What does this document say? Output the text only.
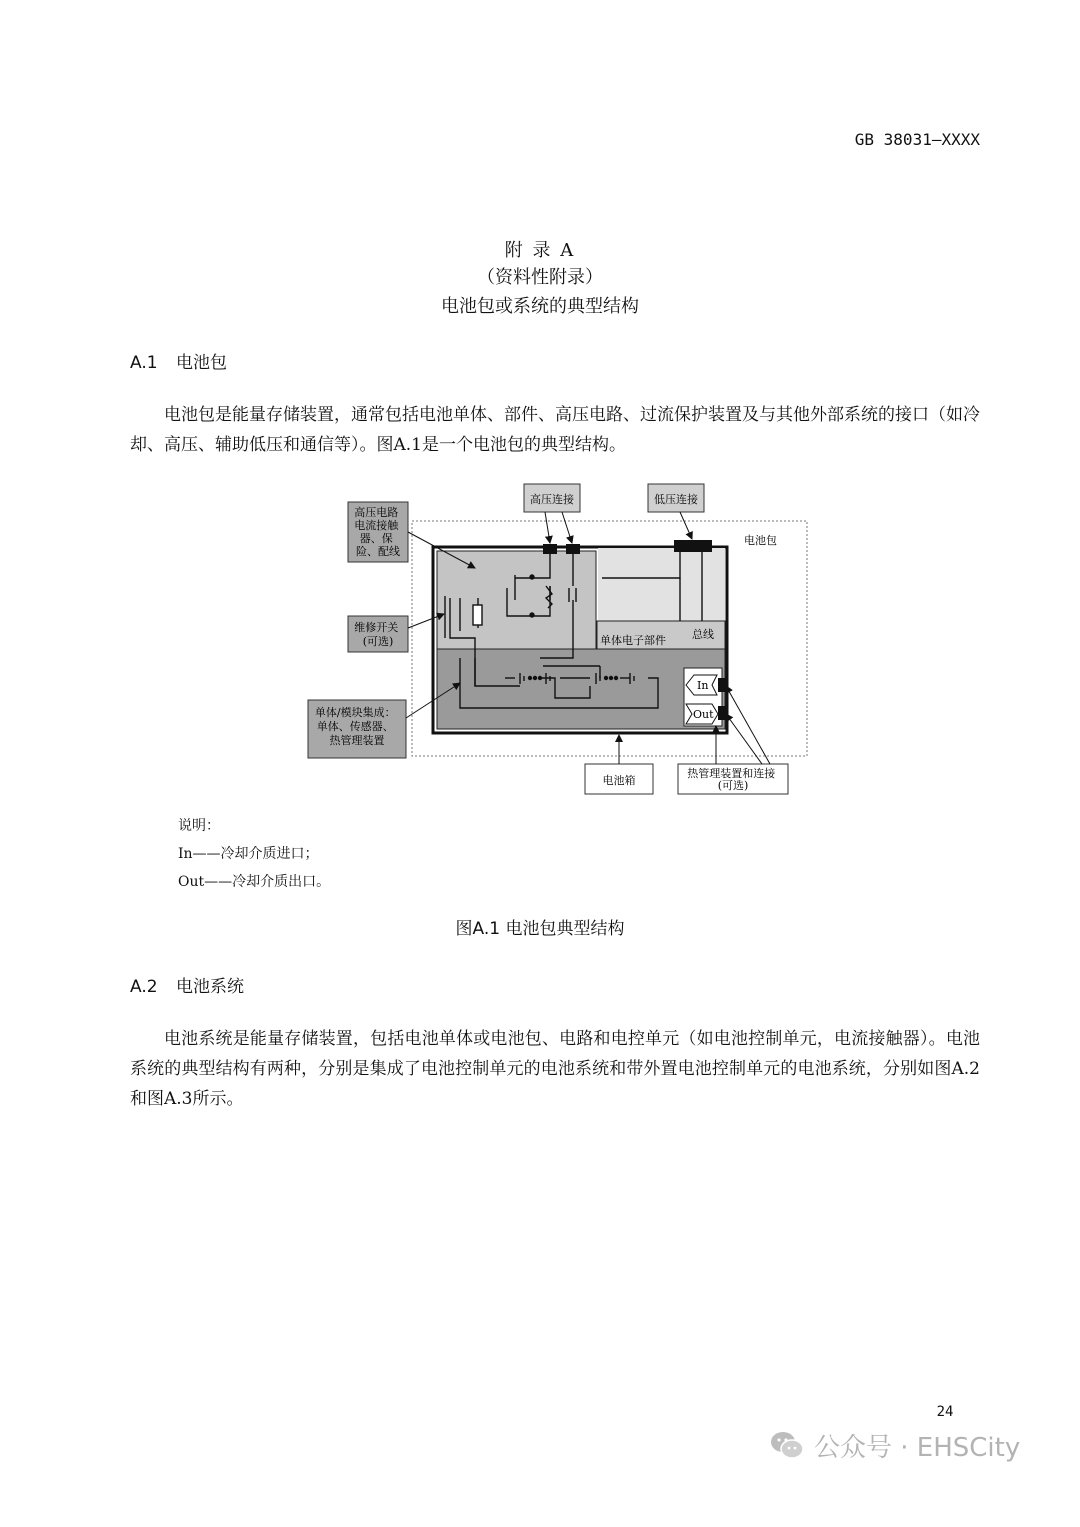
GB 38031—XXXX
附 录 A
（资料性附录）
电池包或系统的典型结构
A.1 电池包
电池包是能量存储装置，通常包括电池单体、部件、高压电路、过流保护装置及与其他外部系统的接口（如冷却、高压、辅助低压和通信等）。图A.1是一个电池包的典型结构。
In
Out
高压电路 电流接触 器、保 险、配线
高压连接	低压连接
电池包
维修开关 (可选)	单体电子部件 总线
单体/模块集成： 单体、传感器、 热管理装置
电池箱
热管理装置和连接 (可选)
说明：
In——冷却介质进口；
Out——冷却介质出口。
图A.1 电池包典型结构
A.2 电池系统
电池系统是能量存储装置，包括电池单体或电池包、电路和电控单元（如电池控制单元，电流接触器）。电池系统的典型结构有两种，分别是集成了电池控制单元的电池系统和带外置电池控制单元的电池系统，分别如图A.2和图A.3所示。
24
公众号 · EHSCity
